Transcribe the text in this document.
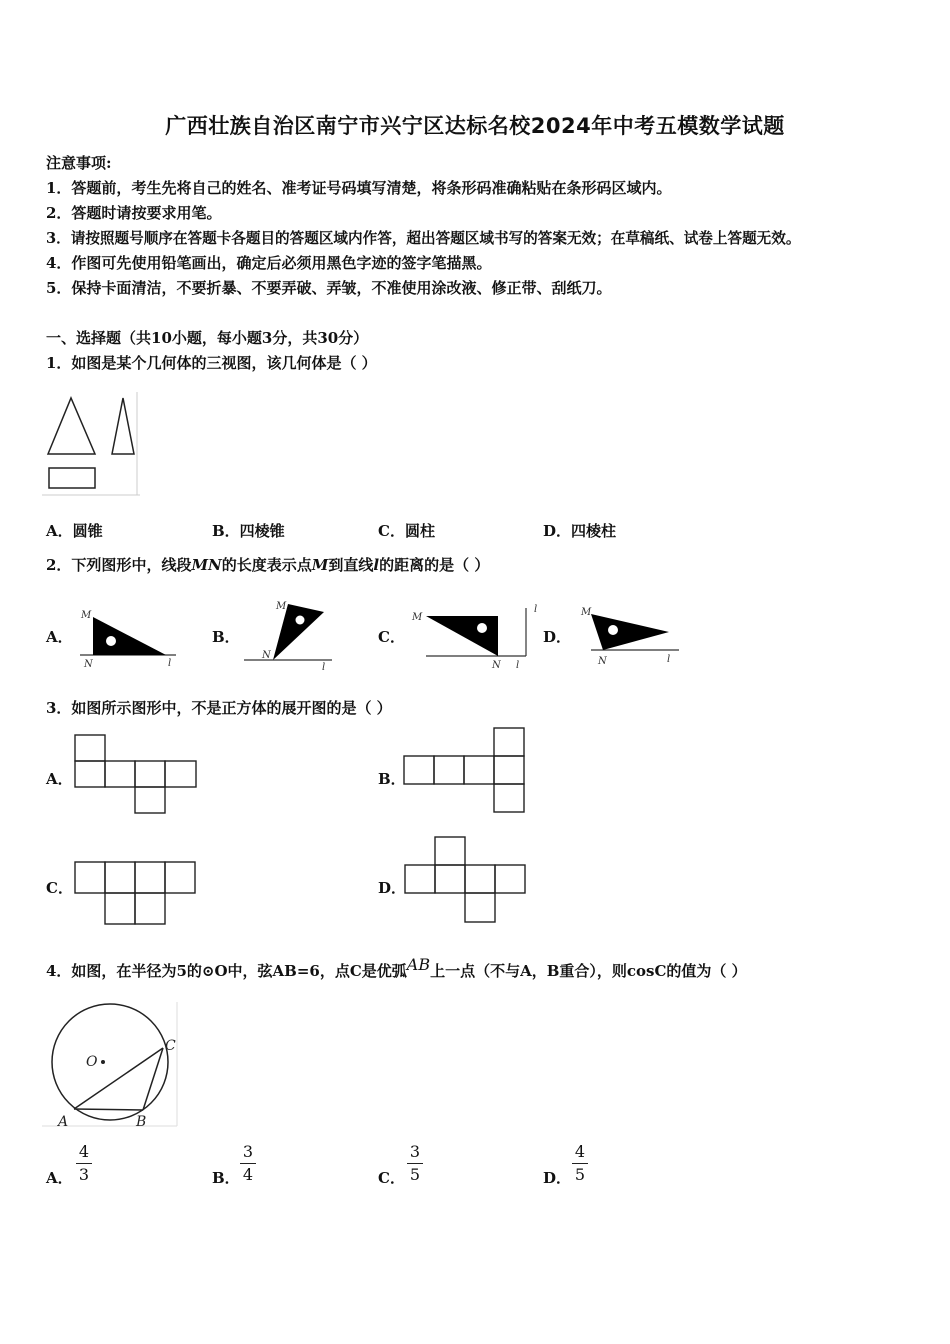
广西壮族自治区南宁市兴宁区达标名校2024年中考五模数学试题
注意事项:
1．答题前，考生先将自己的姓名、准考证号码填写清楚，将条形码准确粘贴在条形码区域内。
2．答题时请按要求用笔。
3．请按照题号顺序在答题卡各题目的答题区域内作答，超出答题区域书写的答案无效；在草稿纸、试卷上答题无效。
4．作图可先使用铅笔画出，确定后必须用黑色字迹的签字笔描黑。
5．保持卡面清洁，不要折暴、不要弄破、弄皱，不准使用涂改液、修正带、刮纸刀。
一、选择题（共10小题，每小题3分，共30分）
1．如图是某个几何体的三视图，该几何体是（ ）
A．圆锥	B．四棱锥	C．圆柱	D．四棱柱
2．下列图形中，线段MN的长度表示点M到直线l的距离的是（ ）
A．
M
N	l
B．
M
N
l
C．
M
N l
l
D．
M
N	l
3．如图所示图形中，不是正方体的展开图的是（ ）
A．	B．
C．	D．
4．如图，在半径为5的⊙O中，弦AB=6，点C是优弧AB上一点（不与A，B重合），则cosC的值为（ ）
O
C
A	B
A． $\frac{4}{3}$	B． $\frac{3}{4}$	C． $\frac{3}{5}$	D． $\frac{4}{5}$
